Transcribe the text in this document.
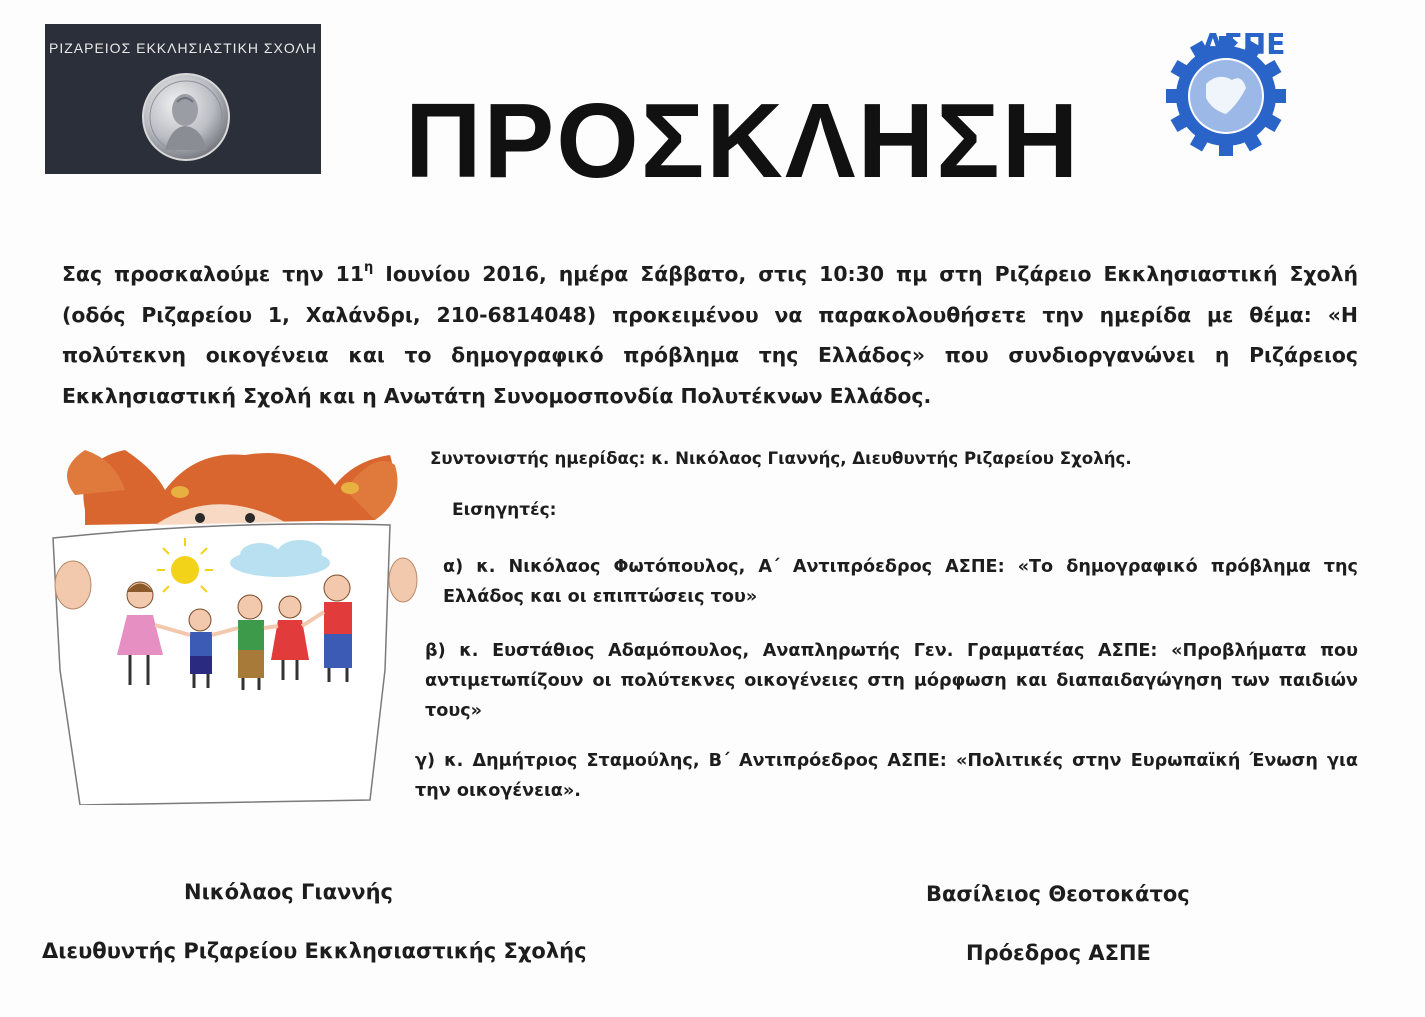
ΡΙΖΑΡΕΙΟΣ ΕΚΚΛΗΣΙΑΣΤΙΚΗ ΣΧΟΛΗ
ΠΡΟΣΚΛΗΣΗ
ΑΣΠΕ
Σας προσκαλούμε την $11^\eta$ Ιουνίου 2016, ημέρα Σάββατο, στις 10:30 πμ στη Ριζάρειο Εκκλησιαστική Σχολή (οδός Ριζαρείου 1, Χαλάνδρι, 210-6814048) προκειμένου να παρακολουθήσετε την ημερίδα με θέμα: «Η πολύτεκνη οικογένεια και το δημογραφικό πρόβλημα της Ελλάδος» που συνδιοργανώνει η Ριζάρειος Εκκλησιαστική Σχολή και η Ανωτάτη Συνομοσπονδία Πολυτέκνων Ελλάδος.
Συντονιστής ημερίδας: κ. Νικόλαος Γιαννής, Διευθυντής Ριζαρείου Σχολής.
Εισηγητές:
α) κ. Νικόλαος Φωτόπουλος, Α΄ Αντιπρόεδρος ΑΣΠΕ: «Το δημογραφικό πρόβλημα της Ελλάδος και οι επιπτώσεις του»
β) κ. Ευστάθιος Αδαμόπουλος, Αναπληρωτής Γεν. Γραμματέας ΑΣΠΕ: «Προβλήματα που αντιμετωπίζουν οι πολύτεκνες οικογένειες στη μόρφωση και διαπαιδαγώγηση των παιδιών τους»
γ) κ. Δημήτριος Σταμούλης, Β΄ Αντιπρόεδρος ΑΣΠΕ: «Πολιτικές στην Ευρωπαϊκή Ένωση για την οικογένεια».
Νικόλαος Γιαννής
Διευθυντής Ριζαρείου Εκκλησιαστικής Σχολής
Βασίλειος Θεοτοκάτος
Πρόεδρος ΑΣΠΕ
